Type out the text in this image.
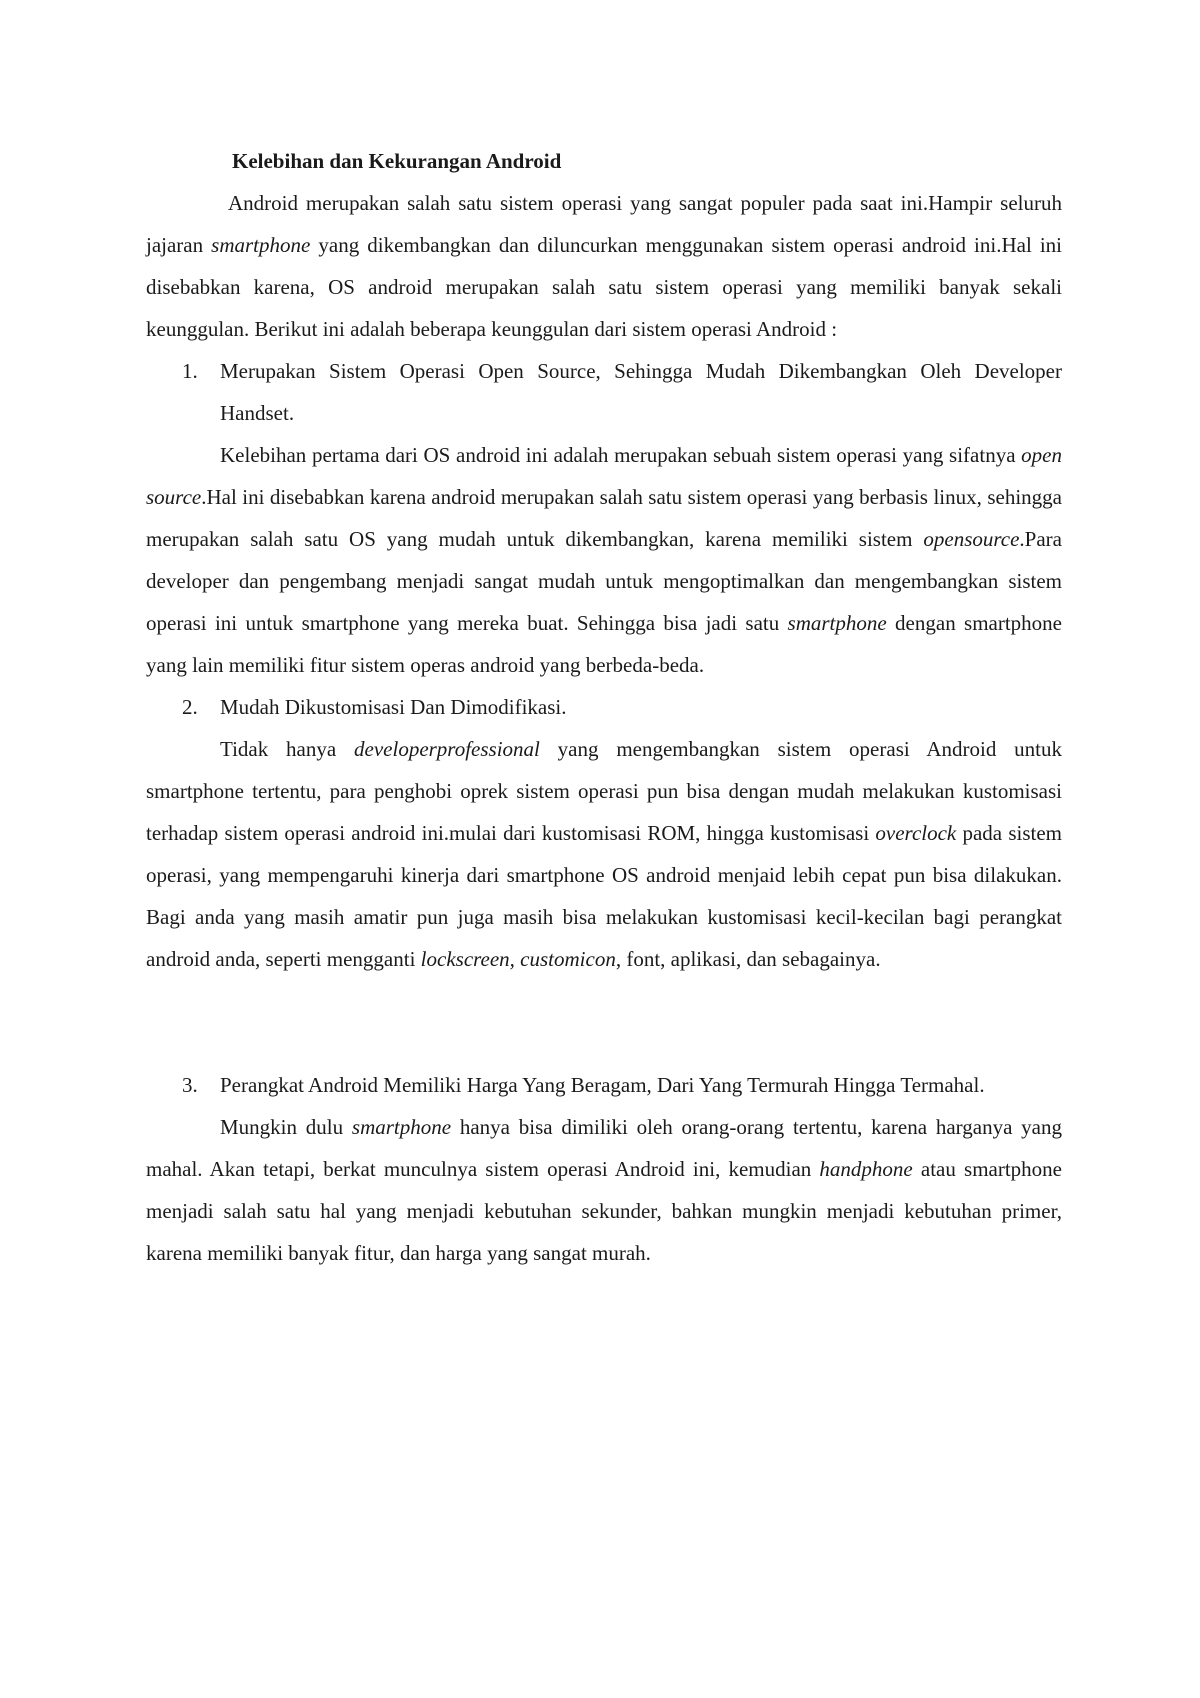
Kelebihan dan Kekurangan Android

Android merupakan salah satu sistem operasi yang sangat populer pada saat ini.Hampir seluruh jajaran smartphone yang dikembangkan dan diluncurkan menggunakan sistem operasi android ini.Hal ini disebabkan karena, OS android merupakan salah satu sistem operasi yang memiliki banyak sekali keunggulan. Berikut ini adalah beberapa keunggulan dari sistem operasi Android :

1.	Merupakan Sistem Operasi Open Source, Sehingga Mudah Dikembangkan Oleh Developer Handset.

Kelebihan pertama dari OS android ini adalah merupakan sebuah sistem operasi yang sifatnya open source.Hal ini disebabkan karena android merupakan salah satu sistem operasi yang berbasis linux, sehingga merupakan salah satu OS yang mudah untuk dikembangkan, karena memiliki sistem opensource.Para developer dan pengembang menjadi sangat mudah untuk mengoptimalkan dan mengembangkan sistem operasi ini untuk smartphone yang mereka buat. Sehingga bisa jadi satu smartphone dengan smartphone yang lain memiliki fitur sistem operas android yang berbeda-beda.

2.	Mudah Dikustomisasi Dan Dimodifikasi.

Tidak hanya developerprofessional yang mengembangkan sistem operasi Android untuk smartphone tertentu, para penghobi oprek sistem operasi pun bisa dengan mudah melakukan kustomisasi terhadap sistem operasi android ini.mulai dari kustomisasi ROM, hingga kustomisasi overclock pada sistem operasi, yang mempengaruhi kinerja dari smartphone OS android menjaid lebih cepat pun bisa dilakukan. Bagi anda yang masih amatir pun juga masih bisa melakukan kustomisasi kecil-kecilan bagi perangkat android anda, seperti mengganti lockscreen, customicon, font, aplikasi, dan sebagainya.

3.	Perangkat Android Memiliki Harga Yang Beragam, Dari Yang Termurah Hingga Termahal.

Mungkin dulu smartphone hanya bisa dimiliki oleh orang-orang tertentu, karena harganya yang mahal. Akan tetapi, berkat munculnya sistem operasi Android ini, kemudian handphone atau smartphone menjadi salah satu hal yang menjadi kebutuhan sekunder, bahkan mungkin menjadi kebutuhan primer, karena memiliki banyak fitur, dan harga yang sangat murah.
